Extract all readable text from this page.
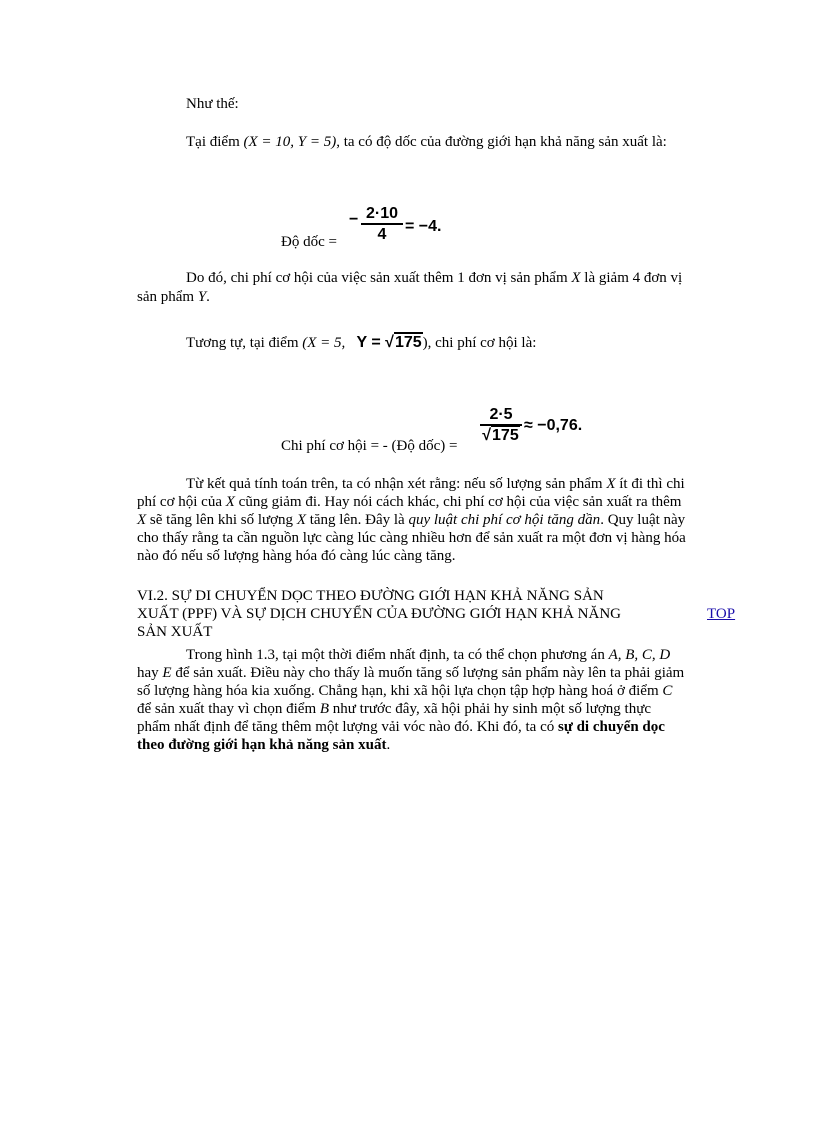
Như thế:
Tại điểm (X = 10, Y = 5), ta có độ dốc của đường giới hạn khả năng sản xuất là:
Độ dốc =
− 2·10
4 = −4.
Do đó, chi phí cơ hội của việc sản xuất thêm 1 đơn vị sản phẩm X là giảm 4 đơn vị
sản phẩm Y.
Tương tự, tại điểm (X = 5, Y = √175), chi phí cơ hội là:
Chi phí cơ hội = - (Độ dốc) =
2·5
√175
≈ −0,76.
Từ kết quả tính toán trên, ta có nhận xét rằng: nếu số lượng sản phẩm X ít đi thì chi
phí cơ hội của X cũng giảm đi. Hay nói cách khác, chi phí cơ hội của việc sản xuất ra thêm
X sẽ tăng lên khi số lượng X tăng lên. Đây là quy luật chi phí cơ hội tăng dần. Quy luật này
cho thấy rằng ta cần nguồn lực càng lúc càng nhiều hơn để sản xuất ra một đơn vị hàng hóa
nào đó nếu số lượng hàng hóa đó càng lúc càng tăng.
VI.2. SỰ DI CHUYỂN DỌC THEO ĐƯỜNG GIỚI HẠN KHẢ NĂNG SẢN
XUẤT (PPF) VÀ SỰ DỊCH CHUYỂN CỦA ĐƯỜNG GIỚI HẠN KHẢ NĂNG
SẢN XUẤT
TOP
Trong hình 1.3, tại một thời điểm nhất định, ta có thể chọn phương án A, B, C, D
hay E để sản xuất. Điều này cho thấy là muốn tăng số lượng sản phẩm này lên ta phải giảm
số lượng hàng hóa kia xuống. Chẳng hạn, khi xã hội lựa chọn tập hợp hàng hoá ở điểm C
để sản xuất thay vì chọn điểm B như trước đây, xã hội phải hy sinh một số lượng thực
phẩm nhất định để tăng thêm một lượng vải vóc nào đó. Khi đó, ta có sự di chuyển dọc
theo đường giới hạn khả năng sản xuất.
